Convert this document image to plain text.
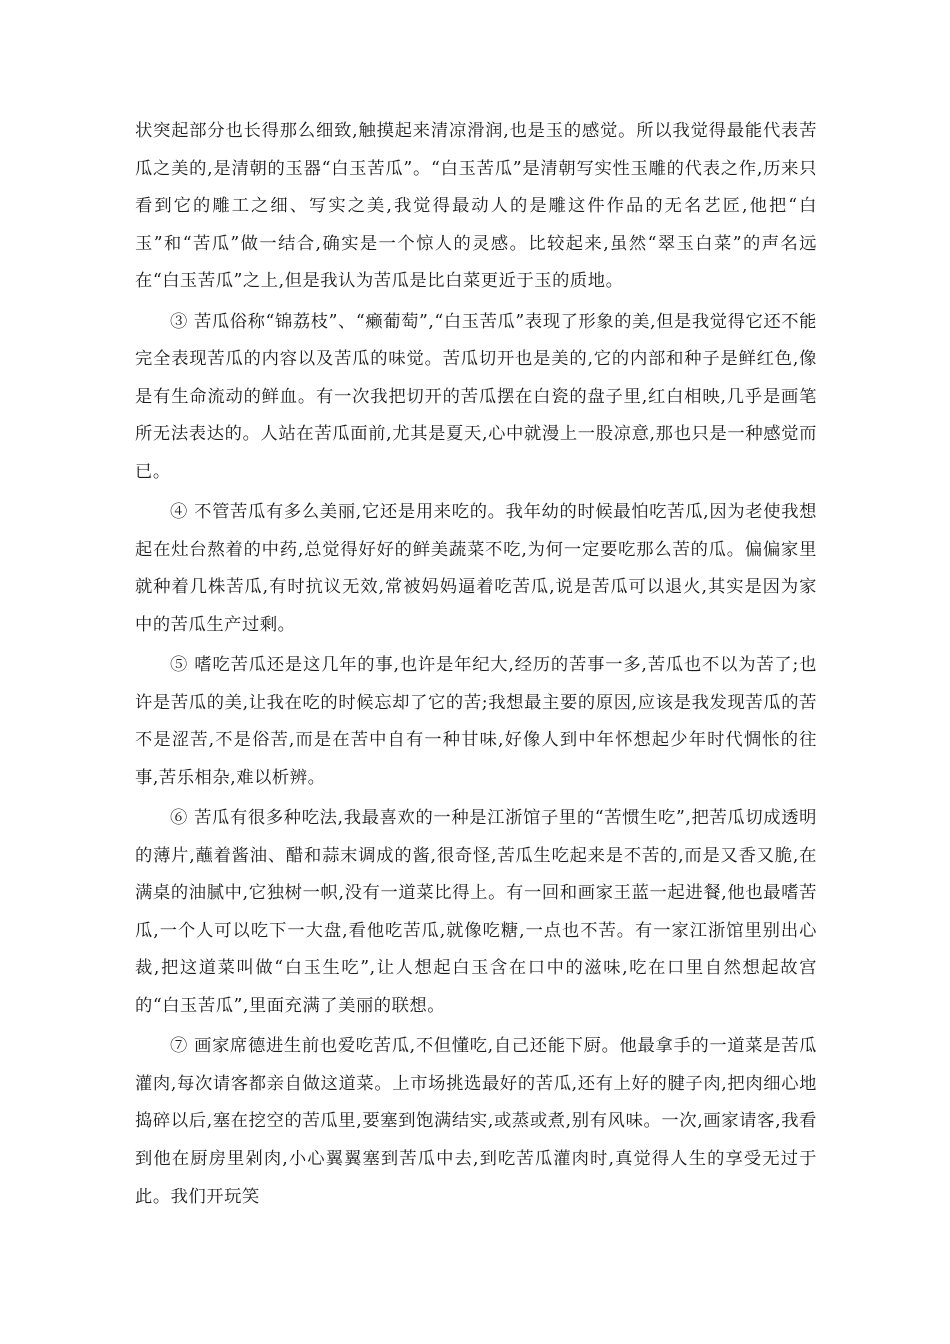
状突起部分也长得那么细致,触摸起来清凉滑润,也是玉的感觉。所以我觉得最能代表苦瓜之美的,是清朝的玉器“白玉苦瓜”。“白玉苦瓜”是清朝写实性玉雕的代表之作,历来只看到它的雕工之细、写实之美,我觉得最动人的是雕这件作品的无名艺匠,他把“白玉”和“苦瓜”做一结合,确实是一个惊人的灵感。比较起来,虽然“翠玉白菜”的声名远在“白玉苦瓜”之上,但是我认为苦瓜是比白菜更近于玉的质地。

③ 苦瓜俗称“锦荔枝”、“癞葡萄”,“白玉苦瓜”表现了形象的美,但是我觉得它还不能完全表现苦瓜的内容以及苦瓜的味觉。苦瓜切开也是美的,它的内部和种子是鲜红色,像是有生命流动的鲜血。有一次我把切开的苦瓜摆在白瓷的盘子里,红白相映,几乎是画笔所无法表达的。人站在苦瓜面前,尤其是夏天,心中就漫上一股凉意,那也只是一种感觉而已。

④ 不管苦瓜有多么美丽,它还是用来吃的。我年幼的时候最怕吃苦瓜,因为老使我想起在灶台熬着的中药,总觉得好好的鲜美蔬菜不吃,为何一定要吃那么苦的瓜。偏偏家里就种着几株苦瓜,有时抗议无效,常被妈妈逼着吃苦瓜,说是苦瓜可以退火,其实是因为家中的苦瓜生产过剩。

⑤ 嗜吃苦瓜还是这几年的事,也许是年纪大,经历的苦事一多,苦瓜也不以为苦了;也许是苦瓜的美,让我在吃的时候忘却了它的苦;我想最主要的原因,应该是我发现苦瓜的苦不是涩苦,不是俗苦,而是在苦中自有一种甘味,好像人到中年怀想起少年时代惆怅的往事,苦乐相杂,难以析辨。

⑥ 苦瓜有很多种吃法,我最喜欢的一种是江浙馆子里的“苦惯生吃”,把苦瓜切成透明的薄片,蘸着酱油、醋和蒜末调成的酱,很奇怪,苦瓜生吃起来是不苦的,而是又香又脆,在满桌的油腻中,它独树一帜,没有一道菜比得上。有一回和画家王蓝一起进餐,他也最嗜苦瓜,一个人可以吃下一大盘,看他吃苦瓜,就像吃糖,一点也不苦。有一家江浙馆里别出心裁,把这道菜叫做“白玉生吃”,让人想起白玉含在口中的滋味,吃在口里自然想起故宫的“白玉苦瓜”,里面充满了美丽的联想。

⑦ 画家席德进生前也爱吃苦瓜,不但懂吃,自己还能下厨。他最拿手的一道菜是苦瓜灌肉,每次请客都亲自做这道菜。上市场挑选最好的苦瓜,还有上好的腱子肉,把肉细心地捣碎以后,塞在挖空的苦瓜里,要塞到饱满结实,或蒸或煮,别有风味。一次,画家请客,我看到他在厨房里剁肉,小心翼翼塞到苦瓜中去,到吃苦瓜灌肉时,真觉得人生的享受无过于此。我们开玩笑
